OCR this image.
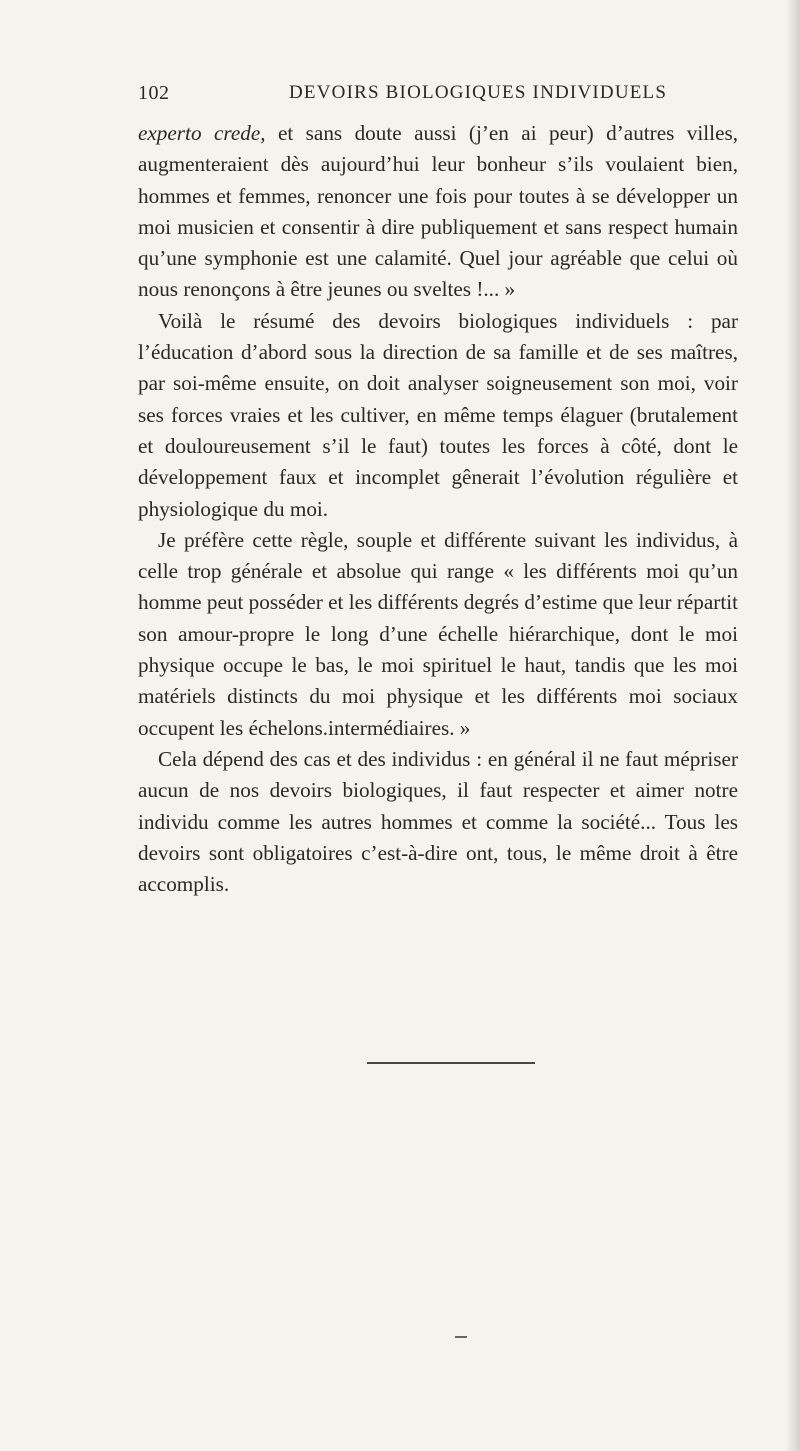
102	DEVOIRS BIOLOGIQUES INDIVIDUELS

experto crede, et sans doute aussi (j’en ai peur) d’autres villes, augmenteraient dès aujourd’hui leur bonheur s’ils voulaient bien, hommes et femmes, renoncer une fois pour toutes à se développer un moi musicien et consentir à dire publiquement et sans respect humain qu’une symphonie est une calamité. Quel jour agréable que celui où nous renonçons à être jeunes ou sveltes !... »

Voilà le résumé des devoirs biologiques individuels : par l’éducation d’abord sous la direction de sa famille et de ses maîtres, par soi-même ensuite, on doit analyser soigneusement son moi, voir ses forces vraies et les cultiver, en même temps élaguer (brutalement et douloureusement s’il le faut) toutes les forces à côté, dont le développement faux et incomplet gênerait l’évolution régulière et physiologique du moi.

Je préfère cette règle, souple et différente suivant les individus, à celle trop générale et absolue qui range « les différents moi qu’un homme peut posséder et les différents degrés d’estime que leur répartit son amour-propre le long d’une échelle hiérarchique, dont le moi physique occupe le bas, le moi spirituel le haut, tandis que les moi matériels distincts du moi physique et les différents moi sociaux occupent les échelons.intermédiaires. »

Cela dépend des cas et des individus : en général il ne faut mépriser aucun de nos devoirs biologiques, il faut respecter et aimer notre individu comme les autres hommes et comme la société... Tous les devoirs sont obligatoires c’est-à-dire ont, tous, le même droit à être accomplis.
